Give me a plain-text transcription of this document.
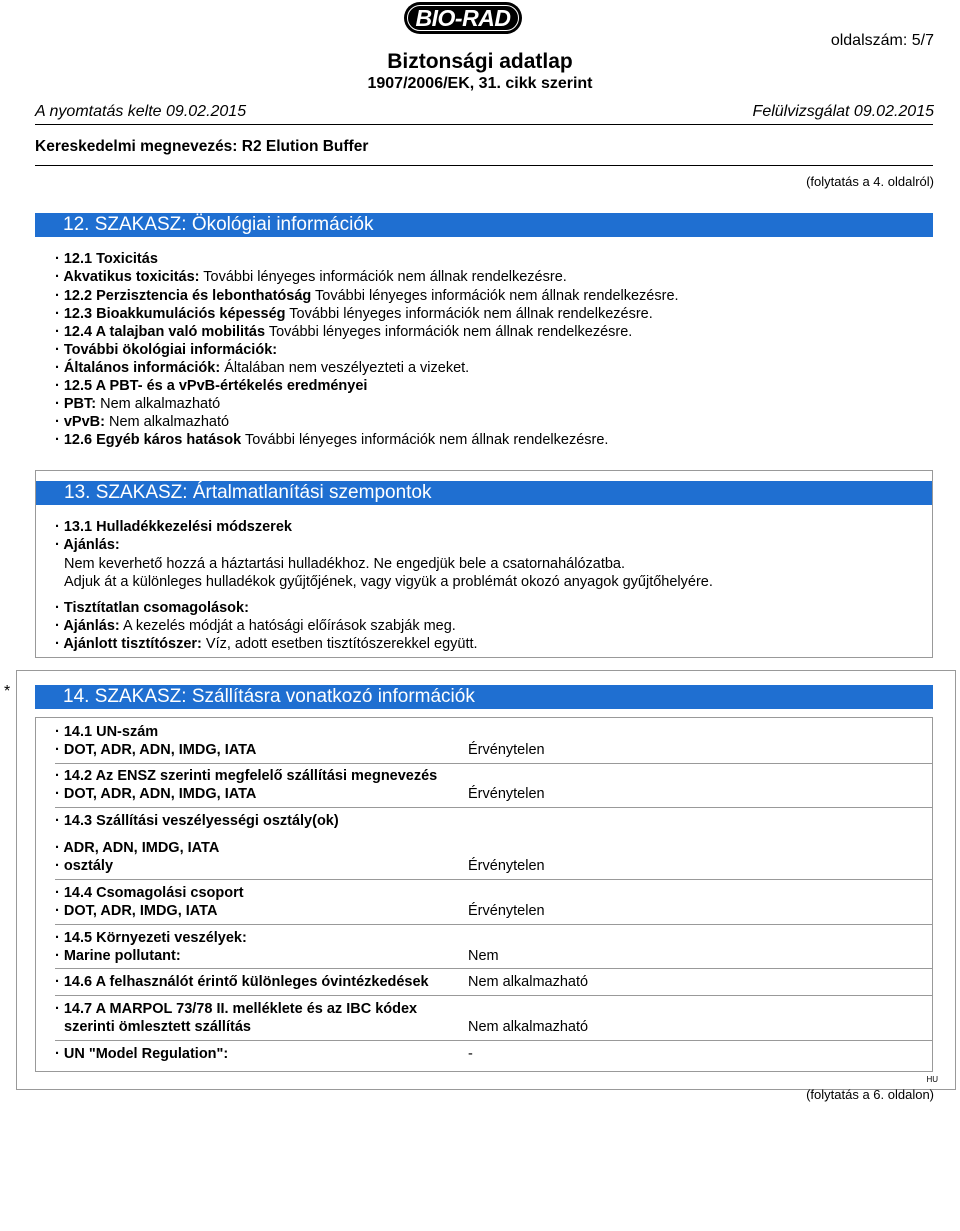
BIO-RAD
oldalszám: 5/7
Biztonsági adatlap
1907/2006/EK, 31. cikk szerint
A nyomtatás kelte 09.02.2015	Felülvizsgálat 09.02.2015
Kereskedelmi megnevezés: R2 Elution Buffer
(folytatás a 4. oldalról)
12. SZAKASZ: Ökológiai információk
· 12.1 Toxicitás
· Akvatikus toxicitás: További lényeges információk nem állnak rendelkezésre.
· 12.2 Perzisztencia és lebonthatóság További lényeges információk nem állnak rendelkezésre.
· 12.3 Bioakkumulációs képesség További lényeges információk nem állnak rendelkezésre.
· 12.4 A talajban való mobilitás További lényeges információk nem állnak rendelkezésre.
· További ökológiai információk:
· Általános információk: Általában nem veszélyezteti a vizeket.
· 12.5 A PBT- és a vPvB-értékelés eredményei
· PBT: Nem alkalmazható
· vPvB: Nem alkalmazható
· 12.6 Egyéb káros hatások További lényeges információk nem állnak rendelkezésre.
13. SZAKASZ: Ártalmatlanítási szempontok
· 13.1 Hulladékkezelési módszerek
· Ajánlás:
Nem keverhető hozzá a háztartási hulladékhoz. Ne engedjük bele a csatornahálózatba.
Adjuk át a különleges hulladékok gyűjtőjének, vagy vigyük a problémát okozó anyagok gyűjtőhelyére.
· Tisztítatlan csomagolások:
· Ajánlás: A kezelés módját a hatósági előírások szabják meg.
· Ajánlott tisztítószer: Víz, adott esetben tisztítószerekkel együtt.
*	14. SZAKASZ: Szállításra vonatkozó információk
· 14.1 UN-szám
· DOT, ADR, ADN, IMDG, IATA	Érvénytelen
· 14.2 Az ENSZ szerinti megfelelő szállítási megnevezés
· DOT, ADR, ADN, IMDG, IATA	Érvénytelen
· 14.3 Szállítási veszélyességi osztály(ok)
· ADR, ADN, IMDG, IATA
· osztály	Érvénytelen
· 14.4 Csomagolási csoport
· DOT, ADR, IMDG, IATA	Érvénytelen
· 14.5 Környezeti veszélyek:
· Marine pollutant:	Nem
· 14.6 A felhasználót érintő különleges óvintézkedések	Nem alkalmazható
· 14.7 A MARPOL 73/78 II. melléklete és az IBC kódex
szerinti ömlesztett szállítás	Nem alkalmazható
· UN "Model Regulation":	-
HU
(folytatás a 6. oldalon)
